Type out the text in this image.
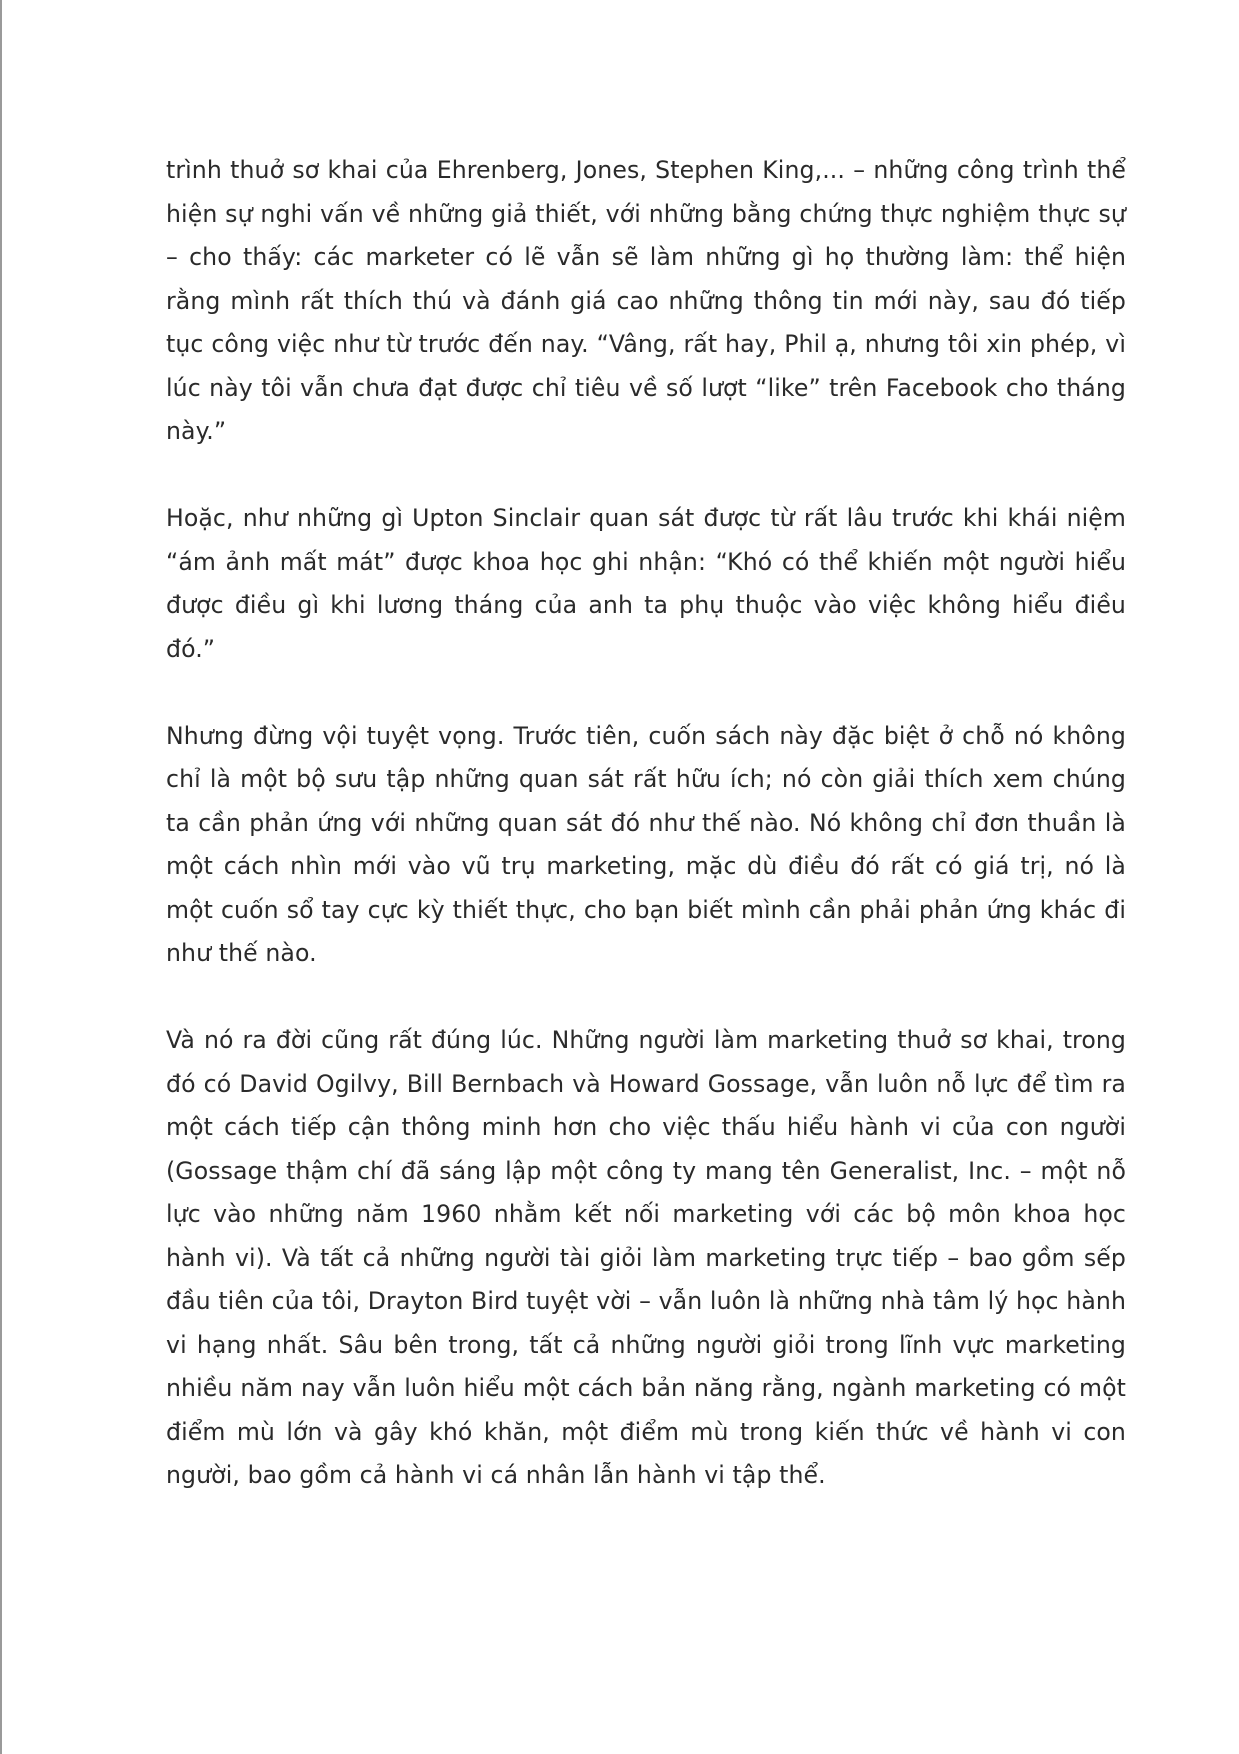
trình thuở sơ khai của Ehrenberg, Jones, Stephen King,... – những công trình thể hiện sự nghi vấn về những giả thiết, với những bằng chứng thực nghiệm thực sự – cho thấy: các marketer có lẽ vẫn sẽ làm những gì họ thường làm: thể hiện rằng mình rất thích thú và đánh giá cao những thông tin mới này, sau đó tiếp tục công việc như từ trước đến nay. “Vâng, rất hay, Phil ạ, nhưng tôi xin phép, vì lúc này tôi vẫn chưa đạt được chỉ tiêu về số lượt “like” trên Facebook cho tháng này.”

Hoặc, như những gì Upton Sinclair quan sát được từ rất lâu trước khi khái niệm “ám ảnh mất mát” được khoa học ghi nhận: “Khó có thể khiến một người hiểu được điều gì khi lương tháng của anh ta phụ thuộc vào việc không hiểu điều đó.”

Nhưng đừng vội tuyệt vọng. Trước tiên, cuốn sách này đặc biệt ở chỗ nó không chỉ là một bộ sưu tập những quan sát rất hữu ích; nó còn giải thích xem chúng ta cần phản ứng với những quan sát đó như thế nào. Nó không chỉ đơn thuần là một cách nhìn mới vào vũ trụ marketing, mặc dù điều đó rất có giá trị, nó là một cuốn sổ tay cực kỳ thiết thực, cho bạn biết mình cần phải phản ứng khác đi như thế nào.

Và nó ra đời cũng rất đúng lúc. Những người làm marketing thuở sơ khai, trong đó có David Ogilvy, Bill Bernbach và Howard Gossage, vẫn luôn nỗ lực để tìm ra một cách tiếp cận thông minh hơn cho việc thấu hiểu hành vi của con người (Gossage thậm chí đã sáng lập một công ty mang tên Generalist, Inc. – một nỗ lực vào những năm 1960 nhằm kết nối marketing với các bộ môn khoa học hành vi). Và tất cả những người tài giỏi làm marketing trực tiếp – bao gồm sếp đầu tiên của tôi, Drayton Bird tuyệt vời – vẫn luôn là những nhà tâm lý học hành vi hạng nhất. Sâu bên trong, tất cả những người giỏi trong lĩnh vực marketing nhiều năm nay vẫn luôn hiểu một cách bản năng rằng, ngành marketing có một điểm mù lớn và gây khó khăn, một điểm mù trong kiến thức về hành vi con người, bao gồm cả hành vi cá nhân lẫn hành vi tập thể.
